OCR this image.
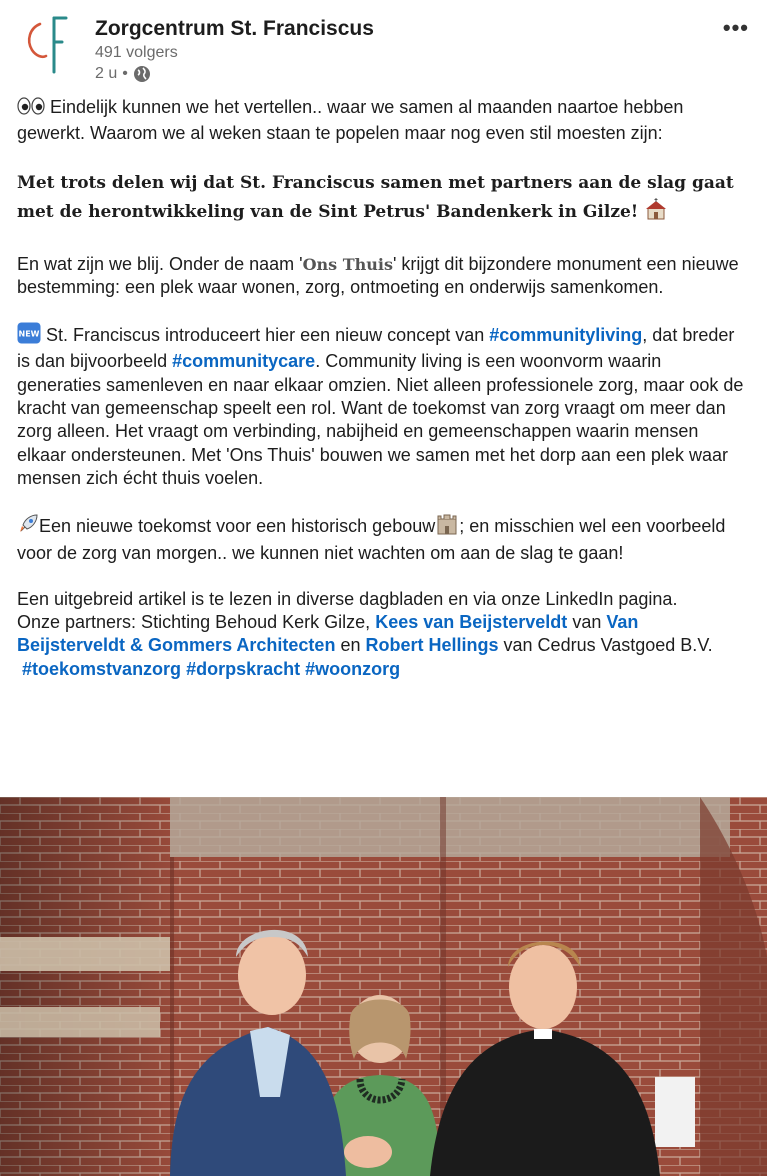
Zorgcentrum St. Franciscus
491 volgers
2 u •
•••

Eindelijk kunnen we het vertellen.. waar we samen al maanden naartoe hebben gewerkt. Waarom we al weken staan te popelen maar nog even stil moesten zijn:

Met trots delen wij dat St. Franciscus samen met partners aan de slag gaat met de herontwikkeling van de Sint Petrus' Bandenkerk in Gilze!

En wat zijn we blij. Onder de naam 'Ons Thuis' krijgt dit bijzondere monument een nieuwe bestemming: een plek waar wonen, zorg, ontmoeting en onderwijs samenkomen.

NEW St. Franciscus introduceert hier een nieuw concept van #communityliving, dat breder is dan bijvoorbeeld #communitycare. Community living is een woonvorm waarin generaties samenleven en naar elkaar omzien. Niet alleen professionele zorg, maar ook de kracht van gemeenschap speelt een rol. Want de toekomst van zorg vraagt om meer dan zorg alleen. Het vraagt om verbinding, nabijheid en gemeenschappen waarin mensen elkaar ondersteunen. Met 'Ons Thuis' bouwen we samen met het dorp aan een plek waar mensen zich écht thuis voelen.

Een nieuwe toekomst voor een historisch gebouw ; en misschien wel een voorbeeld voor de zorg van morgen.. we kunnen niet wachten om aan de slag te gaan!

Een uitgebreid artikel is te lezen in diverse dagbladen en via onze LinkedIn pagina.

Onze partners: Stichting Behoud Kerk Gilze, Kees van Beijsterveldt van Van Beijsterveldt & Gommers Architecten en Robert Hellings van Cedrus Vastgoed B.V.  #toekomstvanzorg #dorpskracht #woonzorg
